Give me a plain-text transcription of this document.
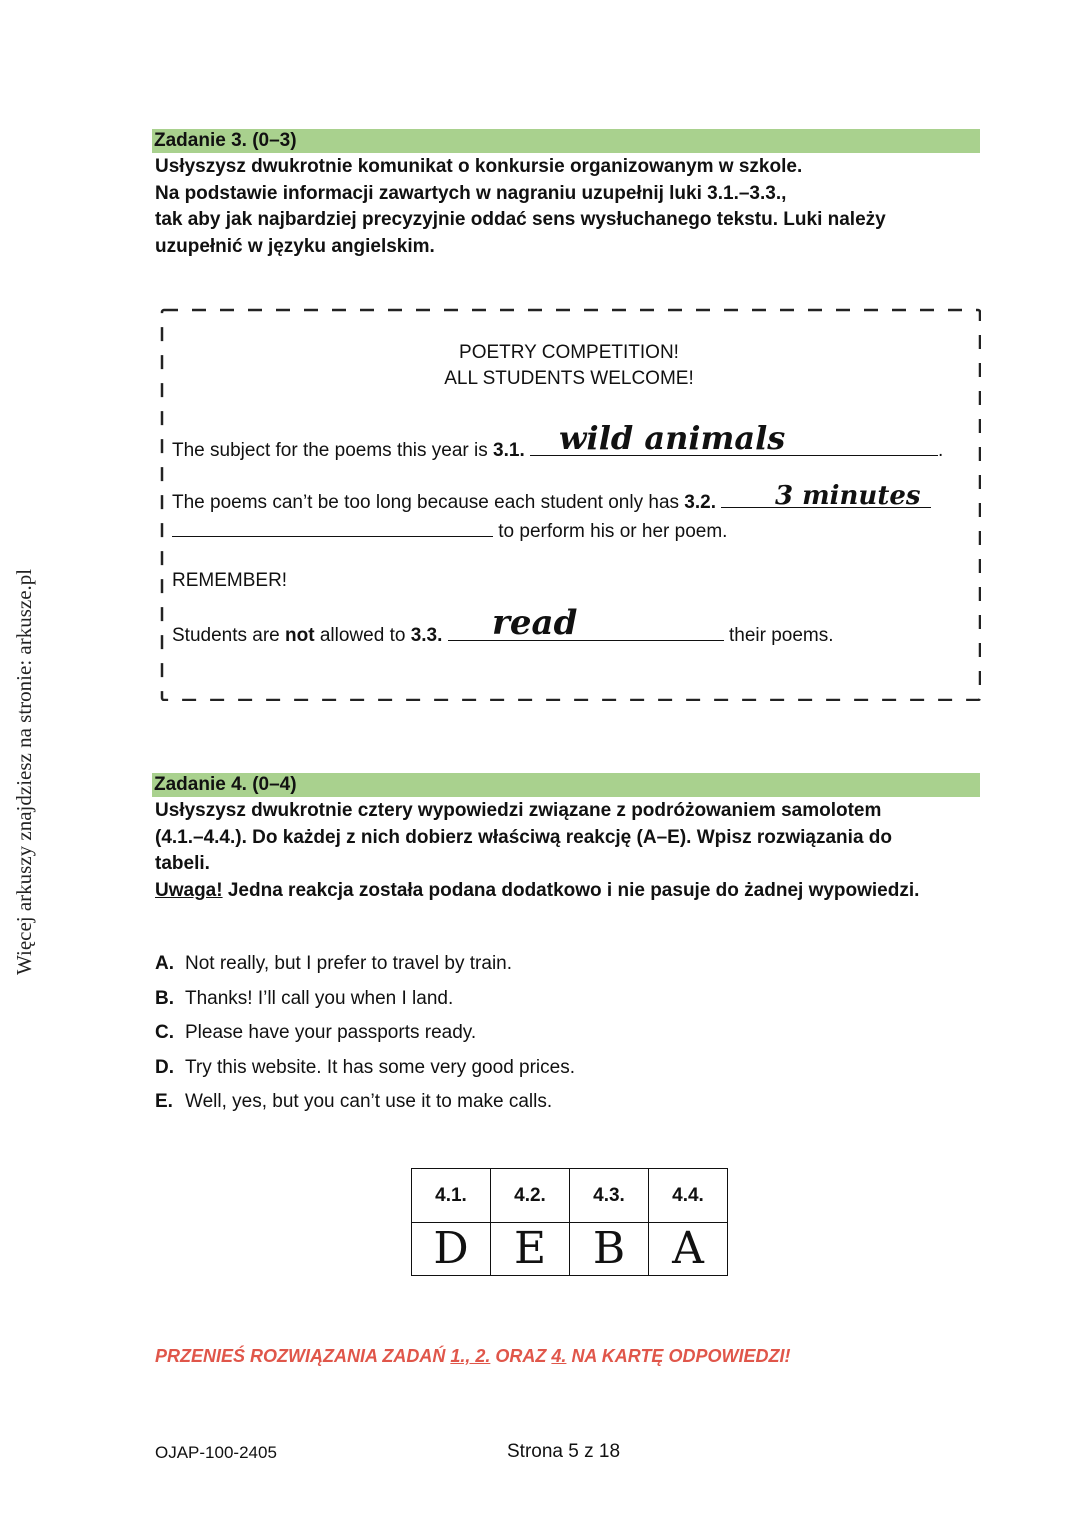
Więcej arkuszy znajdziesz na stronie: arkusze.pl
Zadanie 3. (0–3)
Usłyszysz dwukrotnie komunikat o konkursie organizowanym w szkole.
Na podstawie informacji zawartych w nagraniu uzupełnij luki 3.1.–3.3.,
tak aby jak najbardziej precyzyjnie oddać sens wysłuchanego tekstu. Luki należy
uzupełnić w języku angielskim.
POETRY COMPETITION!
ALL STUDENTS WELCOME!
The subject for the poems this year is 3.1.	.
wild animals
The poems can’t be too long because each student only has 3.2.	3 minutes
to perform his or her poem.
REMEMBER!
Students are not allowed to 3.3.	their poems.
read
Zadanie 4. (0–4)
Usłyszysz dwukrotnie cztery wypowiedzi związane z podróżowaniem samolotem
(4.1.–4.4.). Do każdej z nich dobierz właściwą reakcję (A–E). Wpisz rozwiązania do
tabeli.
Uwaga! Jedna reakcja została podana dodatkowo i nie pasuje do żadnej wypowiedzi.
A. Not really, but I prefer to travel by train.
B. Thanks! I’ll call you when I land.
C. Please have your passports ready.
D. Try this website. It has some very good prices.
E. Well, yes, but you can’t use it to make calls.
4.1.	4.2.	4.3.	4.4.
D	E	B	A
PRZENIEŚ ROZWIĄZANIA ZADAŃ 1., 2. ORAZ 4. NA KARTĘ ODPOWIEDZI!
OJAP-100-2405	Strona 5 z 18
